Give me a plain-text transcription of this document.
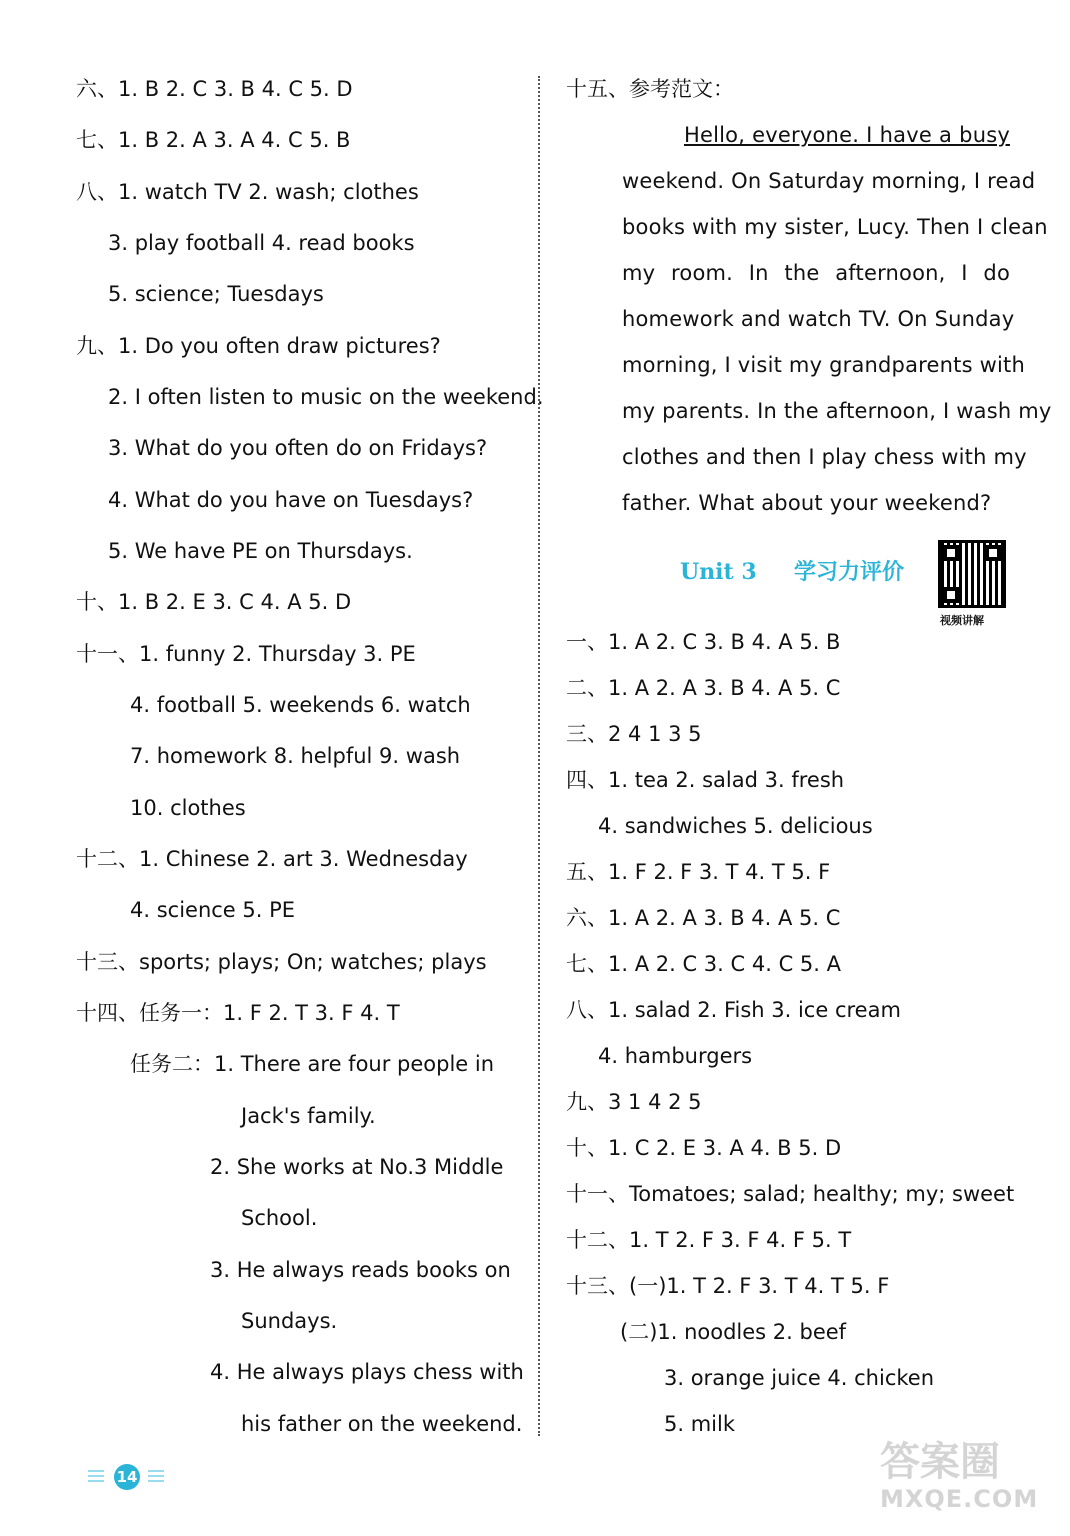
六、1. B 2. C 3. B 4. C 5. D
七、1. B 2. A 3. A 4. C 5. B
八、1. watch TV 2. wash; clothes
3. play football 4. read books
5. science; Tuesdays
九、1. Do you often draw pictures?
2. I often listen to music on the weekend.
3. What do you often do on Fridays?
4. What do you have on Tuesdays?
5. We have PE on Thursdays.
十、1. B 2. E 3. C 4. A 5. D
十一、1. funny 2. Thursday 3. PE
4. football 5. weekends 6. watch
7. homework 8. helpful 9. wash
10. clothes
十二、1. Chinese 2. art 3. Wednesday
4. science 5. PE
十三、sports; plays; On; watches; plays
十四、任务一：1. F 2. T 3. F 4. T
任务二：1. There are four people in
Jack's family.
2. She works at No.3 Middle
School.
3. He always reads books on
Sundays.
4. He always plays chess with
his father on the weekend.
十五、参考范文：
Hello, everyone. I have a busy
weekend. On Saturday morning, I read
books with my sister, Lucy. Then I clean
my room. In the afternoon, I do
homework and watch TV. On Sunday
morning, I visit my grandparents with
my parents. In the afternoon, I wash my
clothes and then I play chess with my
father. What about your weekend?
Unit 3 学习力评价
视频讲解
一、1. A 2. C 3. B 4. A 5. B
二、1. A 2. A 3. B 4. A 5. C
三、2 4 1 3 5
四、1. tea 2. salad 3. fresh
4. sandwiches 5. delicious
五、1. F 2. F 3. T 4. T 5. F
六、1. A 2. A 3. B 4. A 5. C
七、1. A 2. C 3. C 4. C 5. A
八、1. salad 2. Fish 3. ice cream
4. hamburgers
九、3 1 4 2 5
十、1. C 2. E 3. A 4. B 5. D
十一、Tomatoes; salad; healthy; my; sweet
十二、1. T 2. F 3. F 4. F 5. T
十三、(一)1. T 2. F 3. T 4. T 5. F
(二)1. noodles 2. beef
3. orange juice 4. chicken
5. milk
14	答案圈
MXQE.COM
